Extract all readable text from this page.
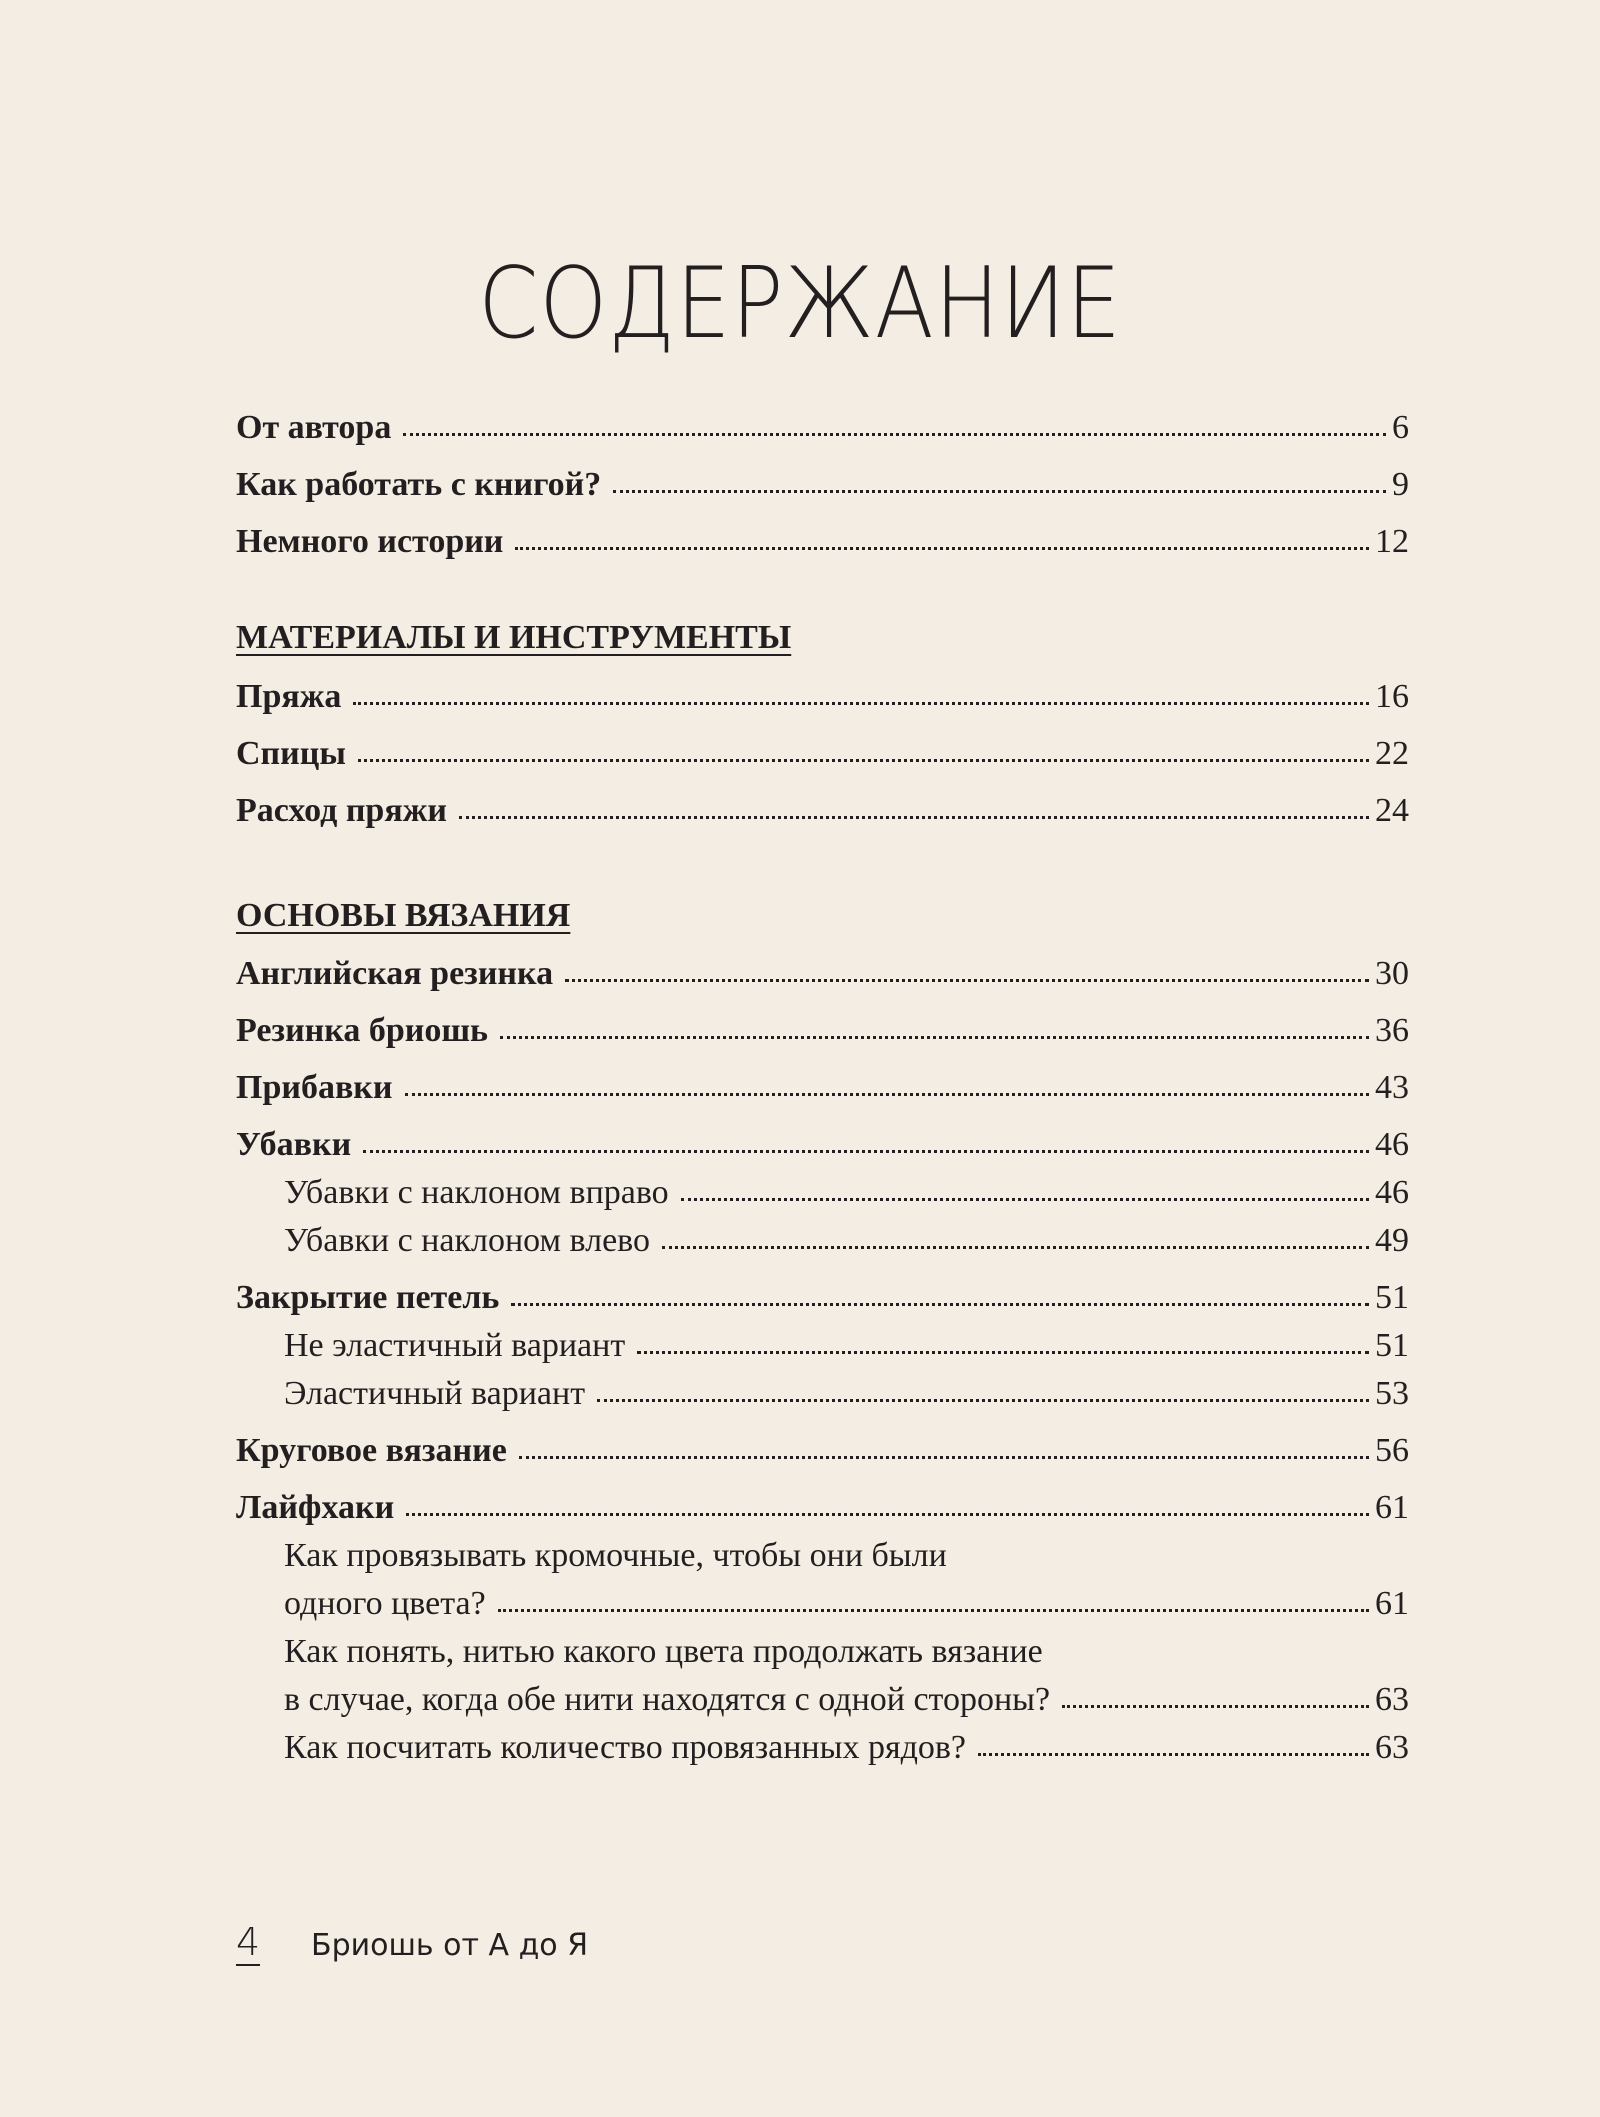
СОДЕРЖАНИЕ
От автора	6
Как работать с книгой?	9
Немного истории	12
МАТЕРИАЛЫ И ИНСТРУМЕНТЫ
Пряжа	16
Спицы	22
Расход пряжи	24
ОСНОВЫ ВЯЗАНИЯ
Английская резинка	30
Резинка бриошь	36
Прибавки	43
Убавки	46
Убавки с наклоном вправо	46
Убавки с наклоном влево	49
Закрытие петель	51
Не эластичный вариант	51
Эластичный вариант	53
Круговое вязание	56
Лайфхаки	61
Как провязывать кромочные, чтобы они были
одного цвета?	61
Как понять, нитью какого цвета продолжать вязание
в случае, когда обе нити находятся с одной стороны?	63
Как посчитать количество провязанных рядов?	63
4 Бриошь от А до Я
